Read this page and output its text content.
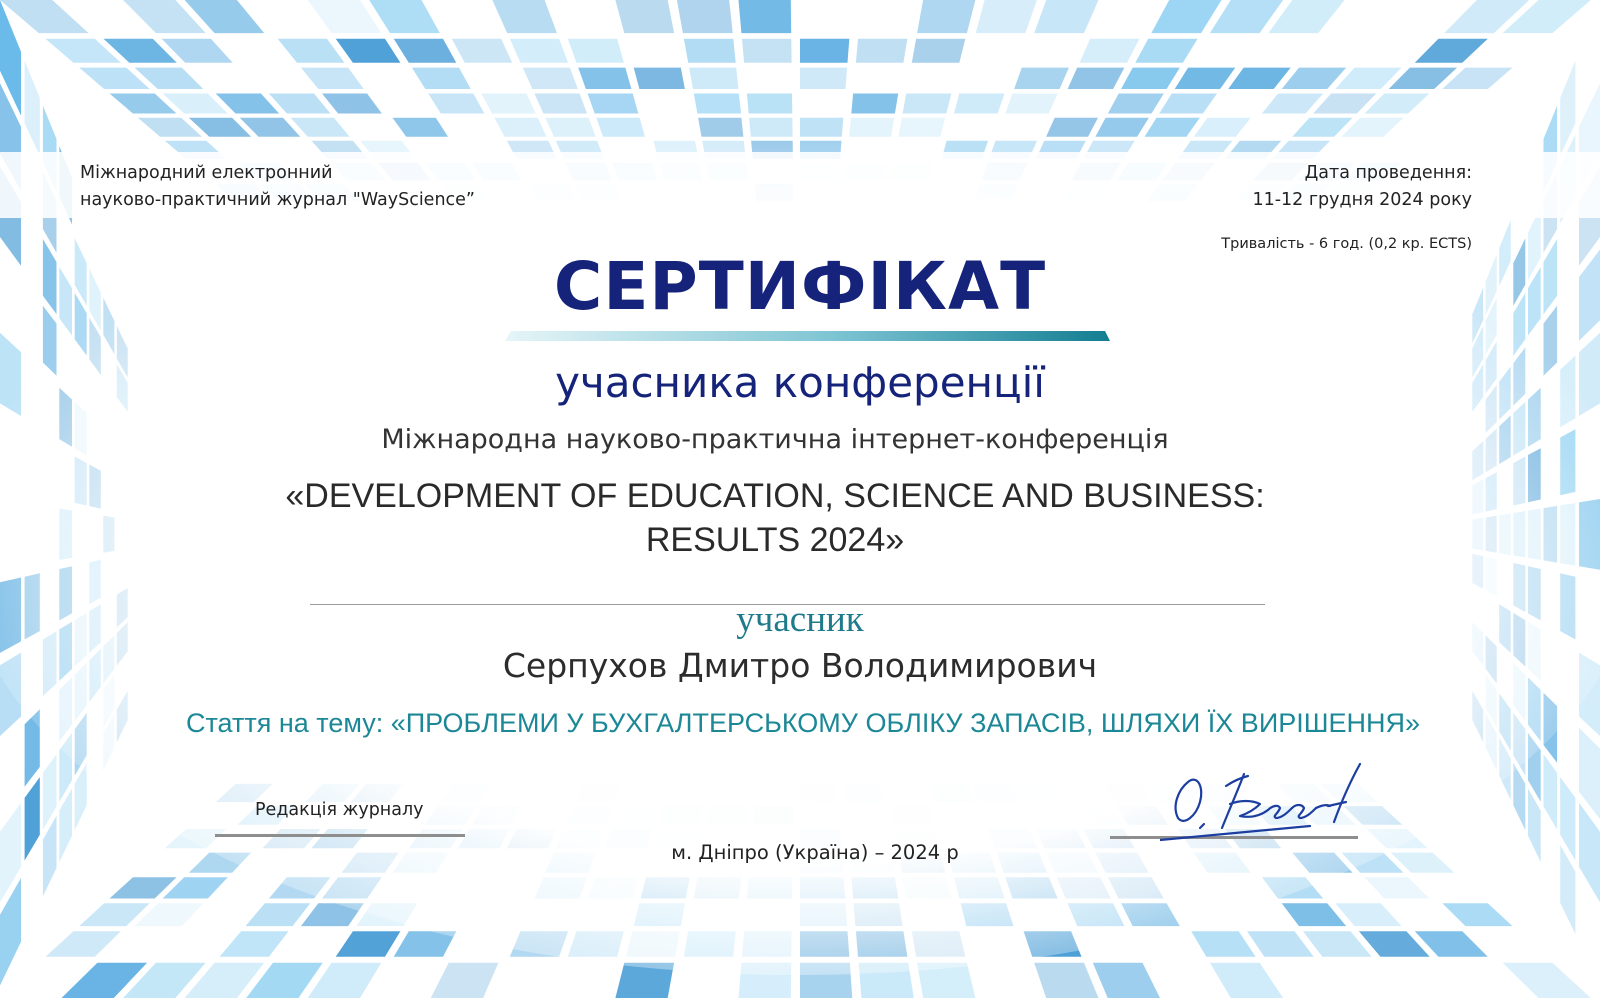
Міжнародний електронний
науково-практичний журнал "WayScience”
Дата проведення:
11-12 грудня 2024 року
Тривалість - 6 год. (0,2 кр. ECTS)
СЕРТИФІКАТ
учасника конференції
Міжнародна науково-практична інтернет-конференція
«DEVELOPMENT OF EDUCATION, SCIENCE AND BUSINESS:
RESULTS 2024»
учасник
Серпухов Дмитро Володимирович
Стаття на тему: «ПРОБЛЕМИ У БУХГАЛТЕРСЬКОМУ ОБЛІКУ ЗАПАСІВ, ШЛЯХИ ЇХ ВИРІШЕННЯ»
Редакція журналу
м. Дніпро (Україна) – 2024 р
